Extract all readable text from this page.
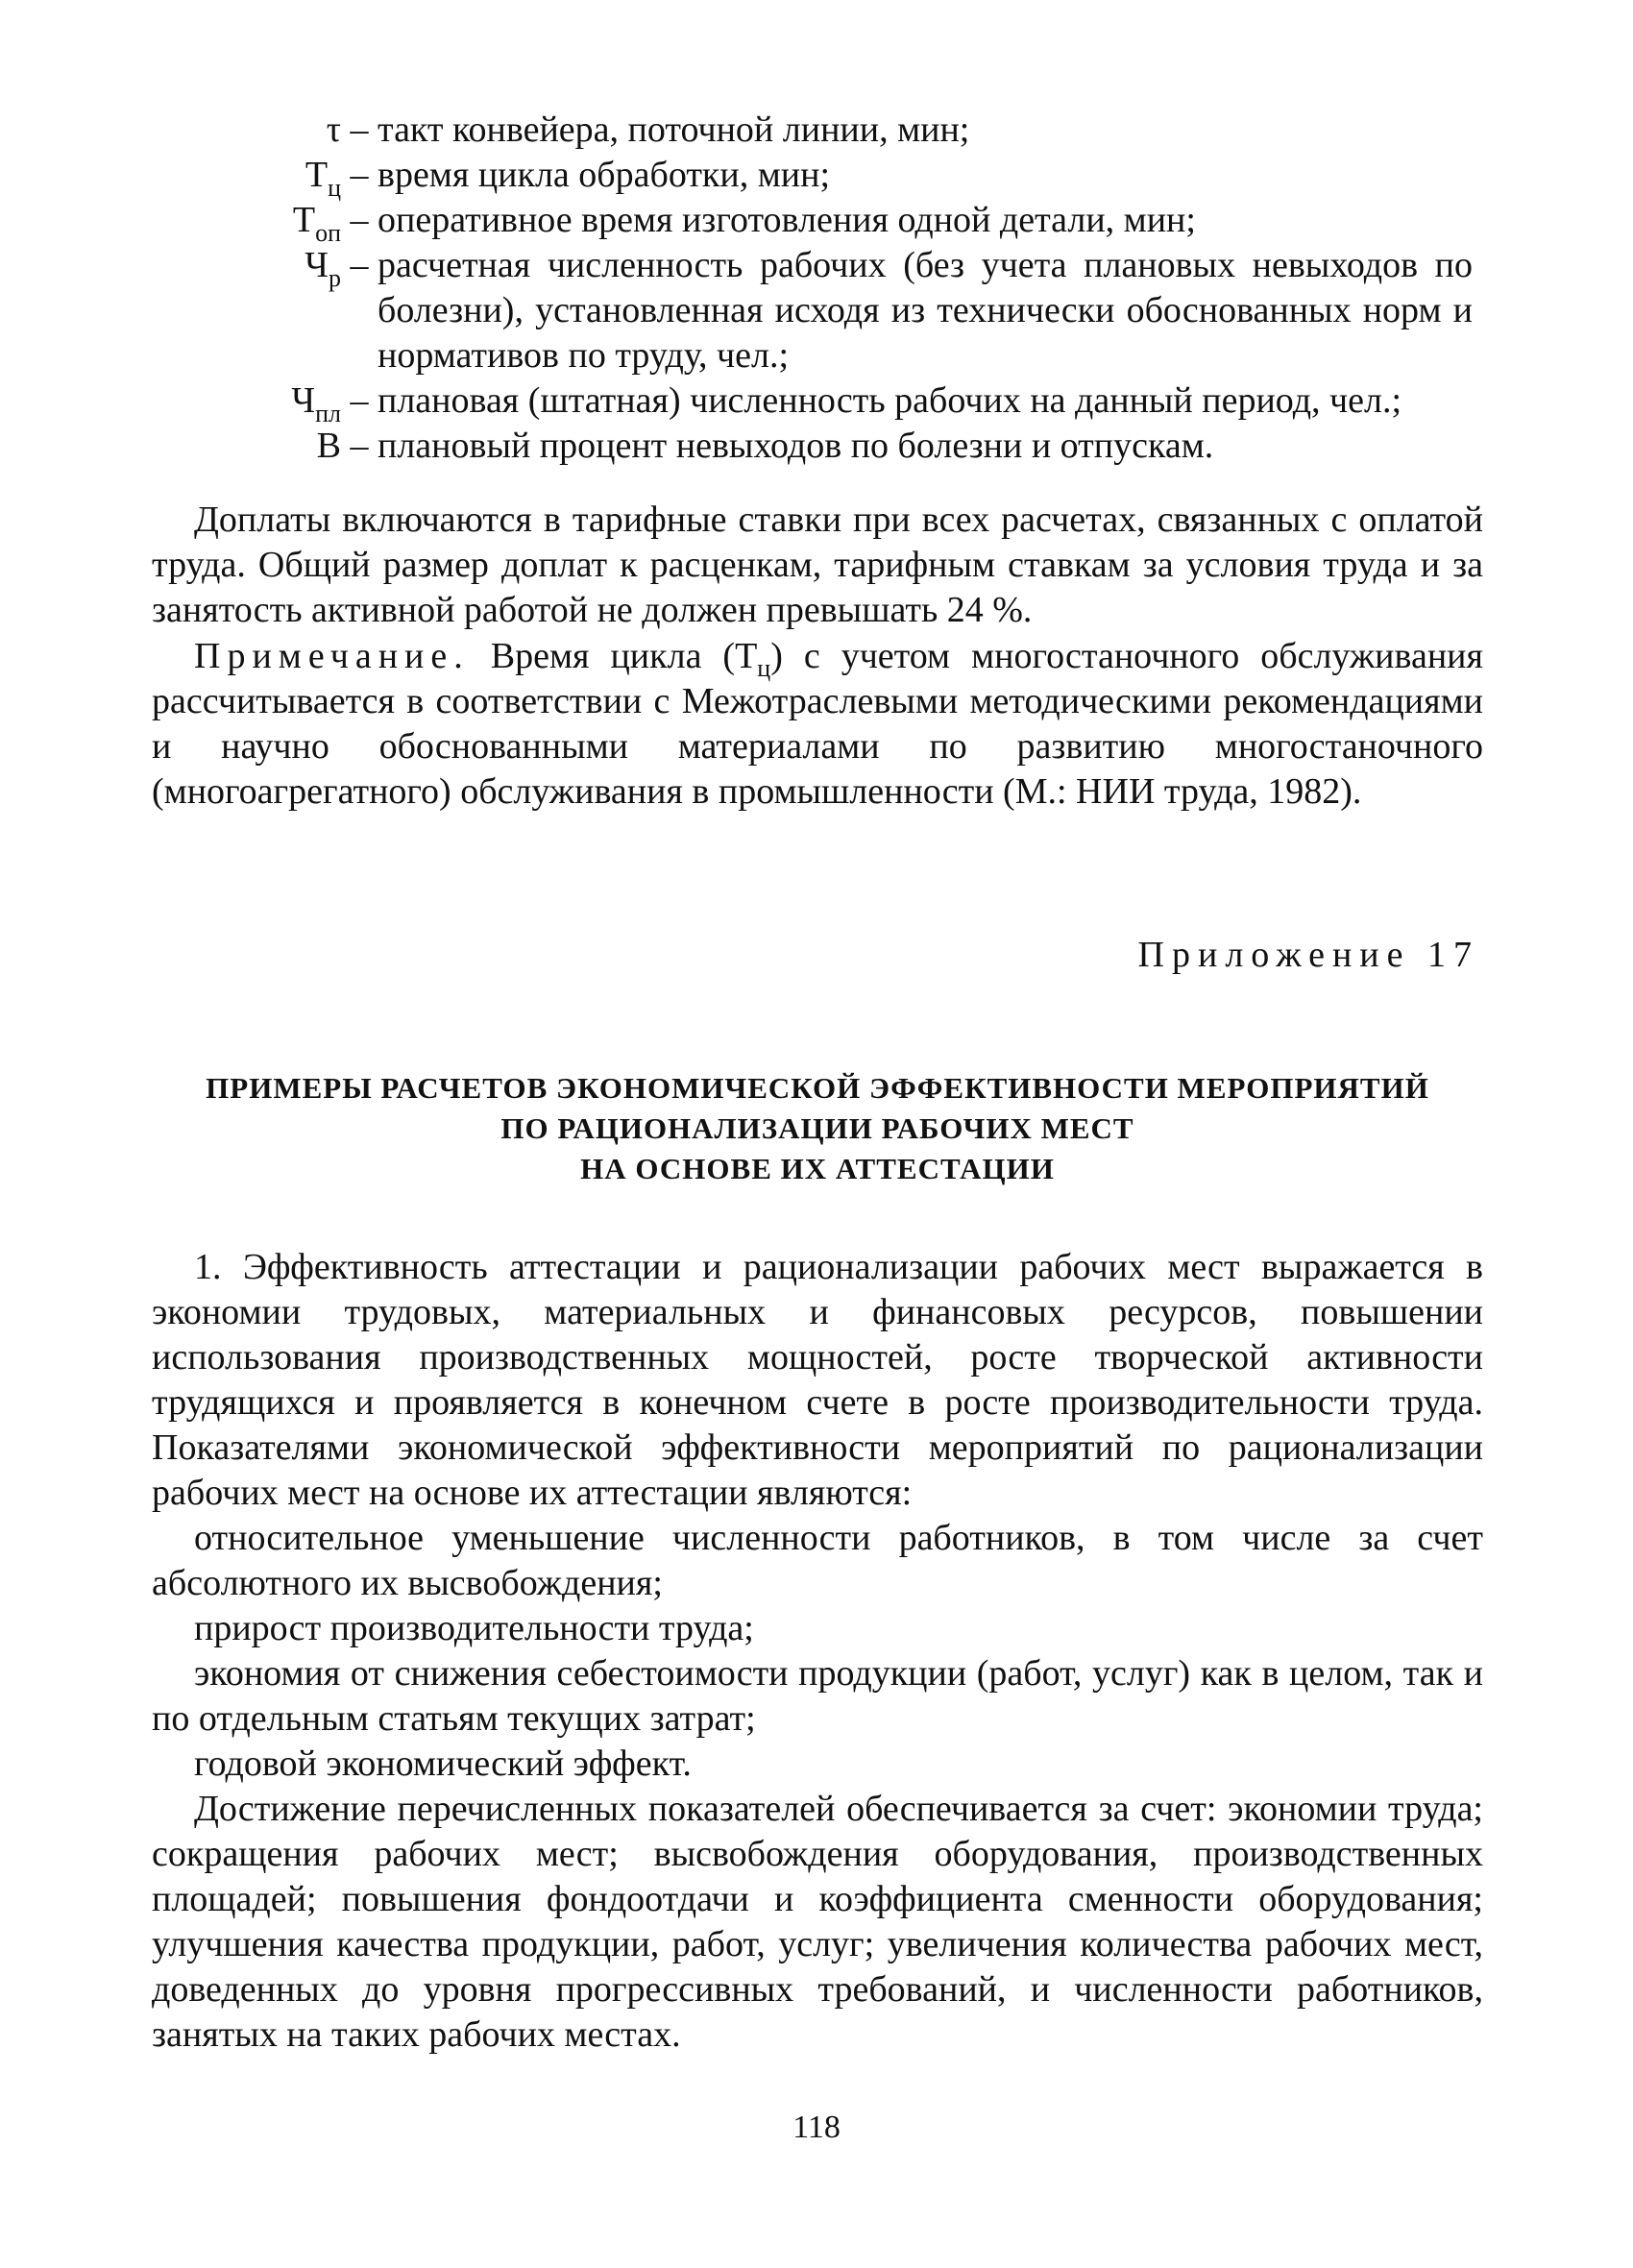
τ – такт конвейера, поточной линии, мин;
$Т_ц$ – время цикла обработки, мин;
$Т_{оп}$ – оперативное время изготовления одной детали, мин;
$Ч_р$ – расчетная численность рабочих (без учета плановых невыходов по болезни), установленная исходя из технически обоснованных норм и нормативов по труду, чел.;
$Ч_{пл}$ – плановая (штатная) численность рабочих на данный период, чел.;
В – плановый процент невыходов по болезни и отпускам.

Доплаты включаются в тарифные ставки при всех расчетах, связанных с оплатой труда. Общий размер доплат к расценкам, тарифным ставкам за условия труда и за занятость активной работой не должен превышать 24 %.

Примечание. Время цикла $(Т_ц)$ с учетом многостаночного обслуживания рассчитывается в соответствии с Межотраслевыми методическими рекомендациями и научно обоснованными материалами по развитию многостаночного (многоагрегатного) обслуживания в промышленности (М.: НИИ труда, 1982).

Приложение 17
ПРИМЕРЫ РАСЧЕТОВ ЭКОНОМИЧЕСКОЙ ЭФФЕКТИВНОСТИ МЕРОПРИЯТИЙ
ПО РАЦИОНАЛИЗАЦИИ РАБОЧИХ МЕСТ
НА ОСНОВЕ ИХ АТТЕСТАЦИИ

1. Эффективность аттестации и рационализации рабочих мест выражается в экономии трудовых, материальных и финансовых ресурсов, повышении использования производственных мощностей, росте творческой активности трудящихся и проявляется в конечном счете в росте производительности труда. Показателями экономической эффективности мероприятий по рационализации рабочих мест на основе их аттестации являются:

относительное уменьшение численности работников, в том числе за счет абсолютного их высвобождения;

прирост производительности труда;

экономия от снижения себестоимости продукции (работ, услуг) как в целом, так и по отдельным статьям текущих затрат;

годовой экономический эффект.

Достижение перечисленных показателей обеспечивается за счет: экономии труда; сокращения рабочих мест; высвобождения оборудования, производственных площадей; повышения фондоотдачи и коэффициента сменности оборудования; улучшения качества продукции, работ, услуг; увеличения количества рабочих мест, доведенных до уровня прогрессивных требований, и численности работников, занятых на таких рабочих местах.

118
